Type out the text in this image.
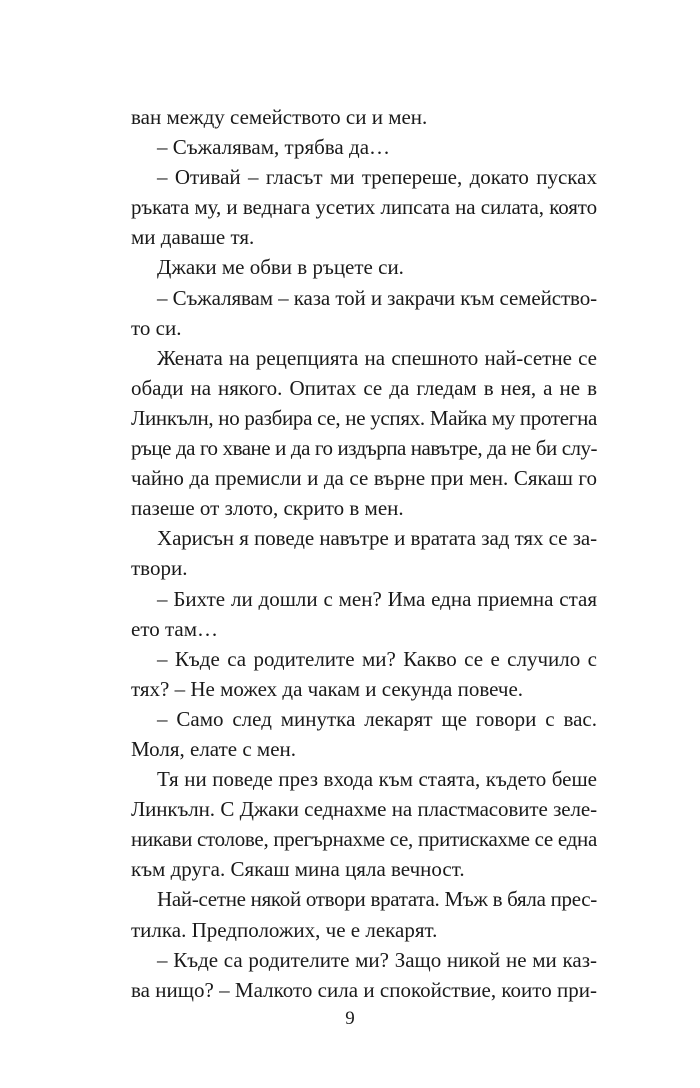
ван между семейството си и мен.
– Съжалявам, трябва да…
– Отивай – гласът ми трепереше, докато пусках
ръката му, и веднага усетих липсата на силата, която
ми даваше тя.
Джаки ме обви в ръцете си.
– Съжалявам – каза той и закрачи към семейство-
то си.
Жената на рецепцията на спешното най-сетне се
обади на някого. Опитах се да гледам в нея, а не в
Линкълн, но разбира се, не успях. Майка му протегна
ръце да го хване и да го издърпа навътре, да не би слу-
чайно да премисли и да се върне при мен. Сякаш го
пазеше от злото, скрито в мен.
Харисън я поведе навътре и вратата зад тях се за-
твори.
– Бихте ли дошли с мен? Има една приемна стая
ето там…
– Къде са родителите ми? Какво се е случило с
тях? – Не можех да чакам и секунда повече.
– Само след минутка лекарят ще говори с вас.
Моля, елате с мен.
Тя ни поведе през входа към стаята, където беше
Линкълн. С Джаки седнахме на пластмасовите зеле-
никави столове, прегърнахме се, притискахме се една
към друга. Сякаш мина цяла вечност.
Най-сетне някой отвори вратата. Мъж в бяла прес-
тилка. Предположих, че е лекарят.
– Къде са родителите ми? Защо никой не ми каз-
ва нищо? – Малкото сила и спокойствие, които при-
9
